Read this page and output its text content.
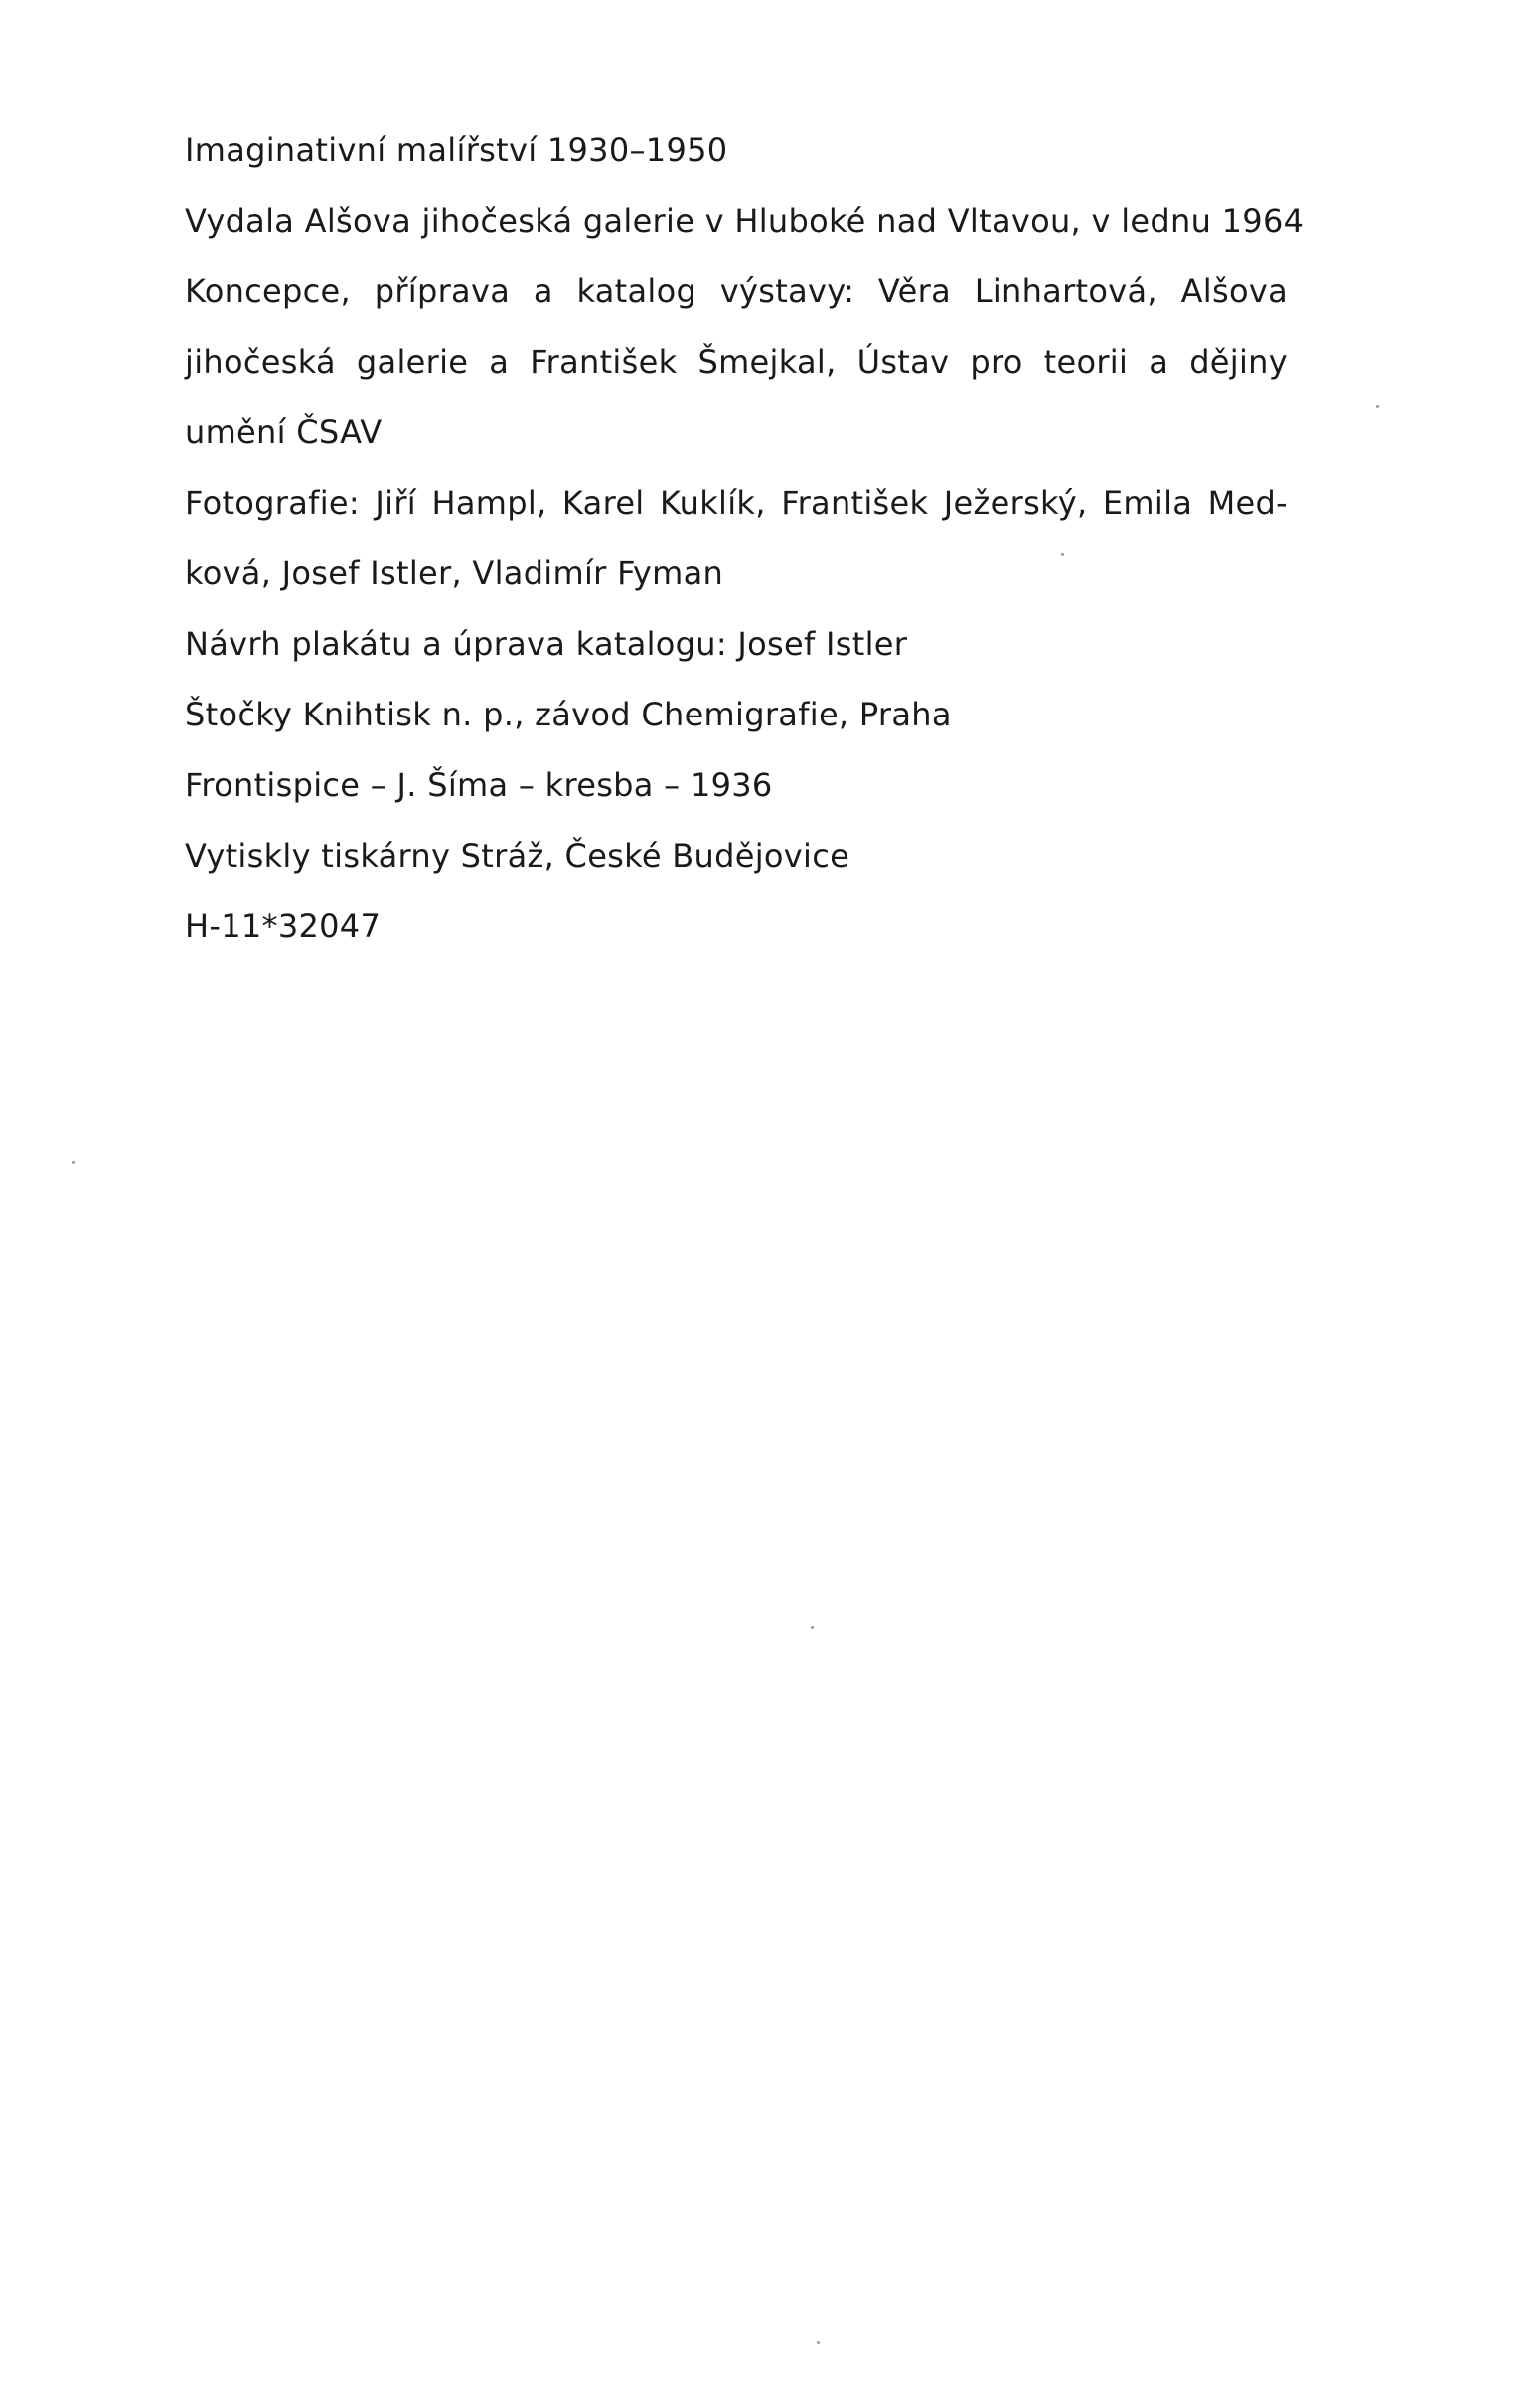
Imaginativní malířství 1930–1950

Vydala Alšova jihočeská galerie v Hluboké nad Vltavou, v lednu 1964

Koncepce, příprava a katalog výstavy: Věra Linhartová, Alšova

jihočeská galerie a František Šmejkal, Ústav pro teorii a dějiny

umění ČSAV

Fotografie: Jiří Hampl, Karel Kuklík, František Ježerský, Emila Med-

ková, Josef Istler, Vladimír Fyman

Návrh plakátu a úprava katalogu: Josef Istler

Štočky Knihtisk n. p., závod Chemigrafie, Praha

Frontispice – J. Šíma – kresba – 1936

Vytiskly tiskárny Stráž, České Budějovice

H-11*32047
